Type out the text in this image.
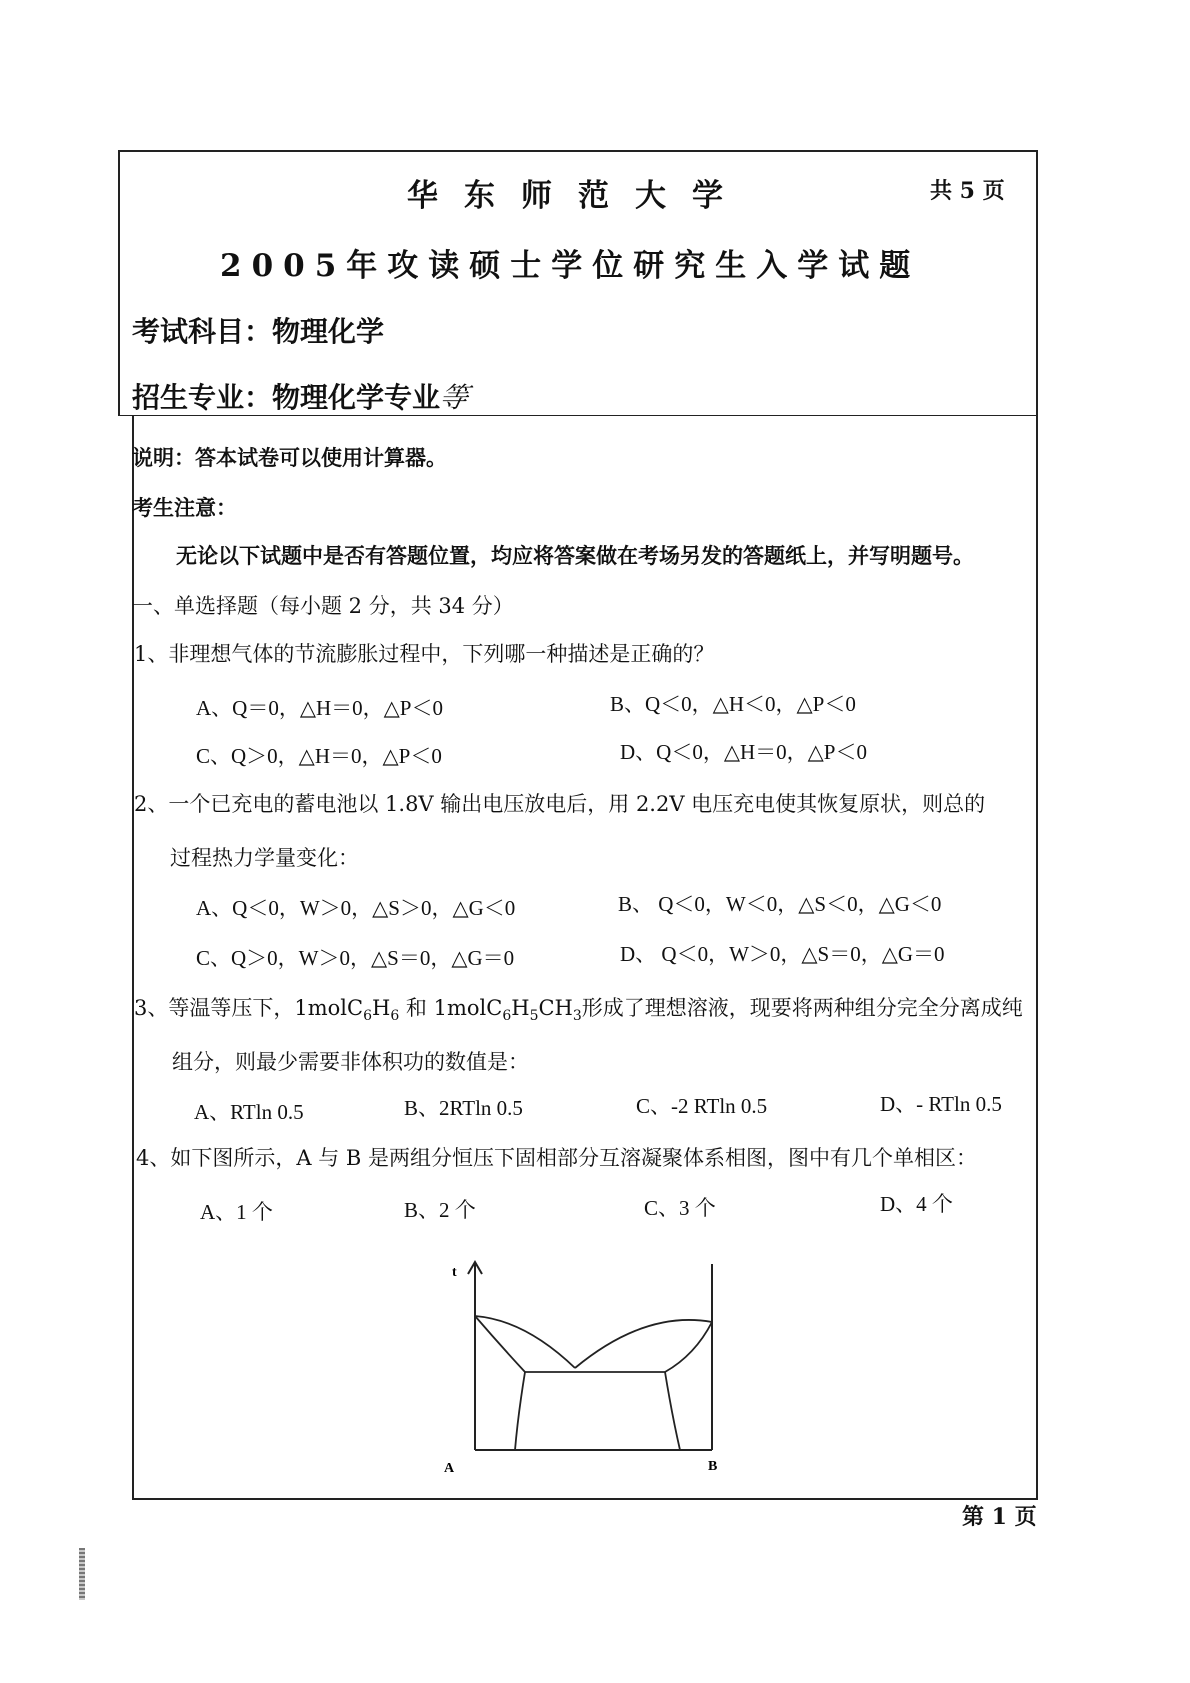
华东师范大学	共 5 页
2005年攻读硕士学位研究生入学试题
考试科目：物理化学
招生专业：物理化学专业等
说明：答本试卷可以使用计算器。
考生注意：
无论以下试题中是否有答题位置，均应将答案做在考场另发的答题纸上，并写明题号。
一、单选择题（每小题 2 分，共 34 分）
1、非理想气体的节流膨胀过程中，下列哪一种描述是正确的？
A、Q＝0，△H＝0，△P＜0	B、Q＜0，△H＜0，△P＜0
C、Q＞0，△H＝0，△P＜0	D、Q＜0，△H＝0，△P＜0
2、一个已充电的蓄电池以 1.8V 输出电压放电后，用 2.2V 电压充电使其恢复原状，则总的
过程热力学量变化：
A、Q＜0，W＞0，△S＞0，△G＜0	B、 Q＜0，W＜0，△S＜0，△G＜0
C、Q＞0，W＞0，△S＝0，△G＝0	D、 Q＜0，W＞0，△S＝0，△G＝0
3、等温等压下，$1molC_6H_6$ 和 $1molC_6H_5CH_3$形成了理想溶液，现要将两种组分完全分离成纯
组分，则最少需要非体积功的数值是：
A、RTln 0.5	B、2RTln 0.5	C、-2 RTln 0.5	D、- RTln 0.5
4、如下图所示，A 与 B 是两组分恒压下固相部分互溶凝聚体系相图，图中有几个单相区：
A、1 个	B、2 个	C、3 个	D、4 个
t
A	B
第 1 页
